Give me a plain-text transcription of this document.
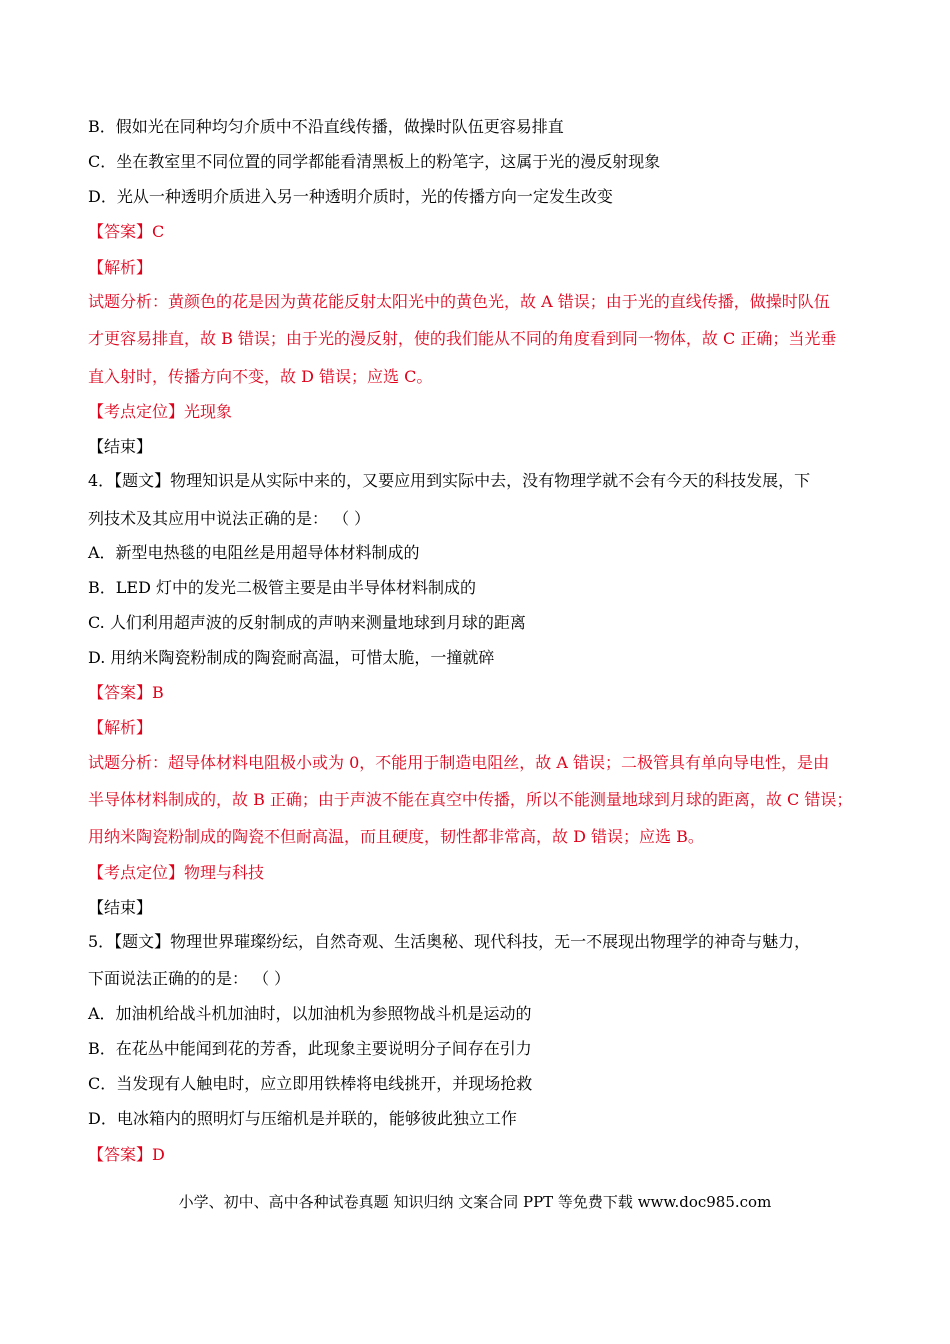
B．假如光在同种均匀介质中不沿直线传播，做操时队伍更容易排直
C．坐在教室里不同位置的同学都能看清黑板上的粉笔字，这属于光的漫反射现象
D．光从一种透明介质进入另一种透明介质时，光的传播方向一定发生改变
【答案】C
【解析】
试题分析：黄颜色的花是因为黄花能反射太阳光中的黄色光，故 A 错误；由于光的直线传播，做操时队伍
才更容易排直，故 B 错误；由于光的漫反射，使的我们能从不同的角度看到同一物体，故 C 正确；当光垂
直入射时，传播方向不变，故 D 错误；应选 C。
【考点定位】光现象
【结束】
4．【题文】物理知识是从实际中来的，又要应用到实际中去，没有物理学就不会有今天的科技发展，下
列技术及其应用中说法正确的是： （ ）
A．新型电热毯的电阻丝是用超导体材料制成的
B．LED 灯中的发光二极管主要是由半导体材料制成的
C. 人们利用超声波的反射制成的声呐来测量地球到月球的距离
D. 用纳米陶瓷粉制成的陶瓷耐高温，可惜太脆，一撞就碎
【答案】B
【解析】
试题分析：超导体材料电阻极小或为 0，不能用于制造电阻丝，故 A 错误；二极管具有单向导电性，是由
半导体材料制成的，故 B 正确；由于声波不能在真空中传播，所以不能测量地球到月球的距离，故 C 错误；
用纳米陶瓷粉制成的陶瓷不但耐高温，而且硬度，韧性都非常高，故 D 错误；应选 B。
【考点定位】物理与科技
【结束】
5．【题文】物理世界璀璨纷纭，自然奇观、生活奥秘、现代科技，无一不展现出物理学的神奇与魅力，
下面说法正确的的是： （ ）
A．加油机给战斗机加油时，以加油机为参照物战斗机是运动的
B．在花丛中能闻到花的芳香，此现象主要说明分子间存在引力
C．当发现有人触电时，应立即用铁棒将电线挑开，并现场抢救
D．电冰箱内的照明灯与压缩机是并联的，能够彼此独立工作
【答案】D
小学、初中、高中各种试卷真题 知识归纳 文案合同 PPT 等免费下载 www.doc985.com
